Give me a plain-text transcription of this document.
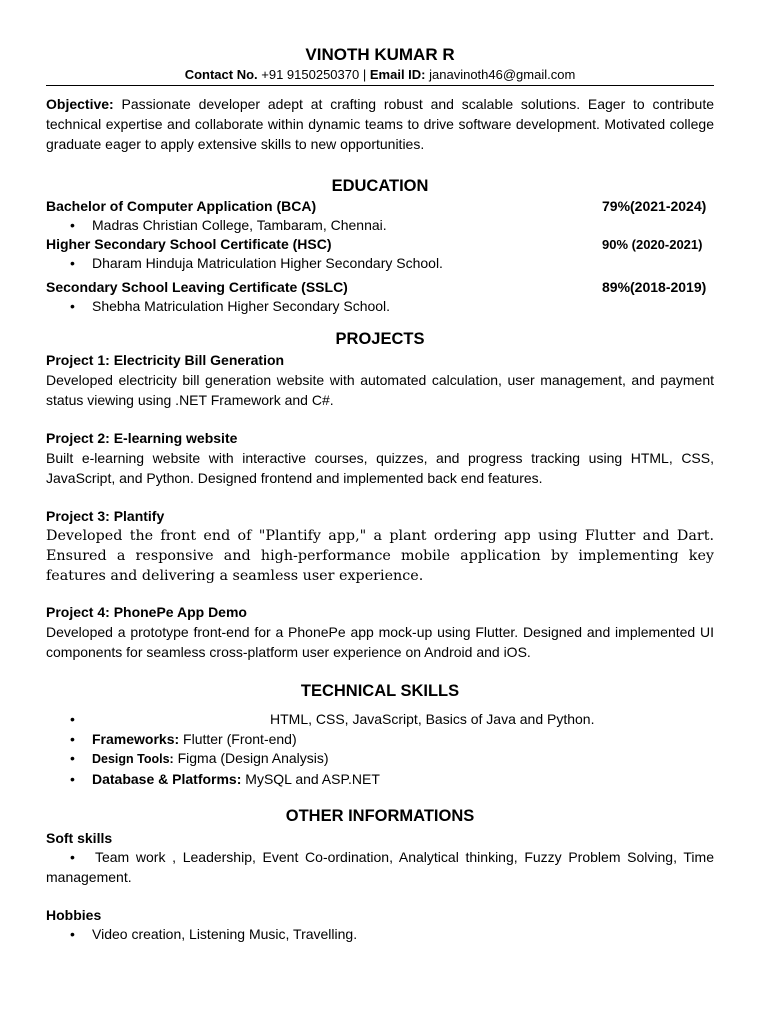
VINOTH KUMAR R
Contact No. +91 9150250370 | Email ID: janavinoth46@gmail.com
Objective: Passionate developer adept at crafting robust and scalable solutions. Eager to contribute technical expertise and collaborate within dynamic teams to drive software development. Motivated college graduate eager to apply extensive skills to new opportunities.
EDUCATION
Bachelor of Computer Application (BCA)	79%(2021-2024)
• Madras Christian College, Tambaram, Chennai.
Higher Secondary School Certificate (HSC)	90% (2020-2021)
• Dharam Hinduja Matriculation Higher Secondary School.
Secondary School Leaving Certificate (SSLC)	89%(2018-2019)
• Shebha Matriculation Higher Secondary School.
PROJECTS
Project 1: Electricity Bill Generation
Developed electricity bill generation website with automated calculation, user management, and payment status viewing using .NET Framework and C#.
Project 2: E-learning website
Built e-learning website with interactive courses, quizzes, and progress tracking using HTML, CSS, JavaScript, and Python. Designed frontend and implemented back end features.
Project 3: Plantify
Developed the front end of "Plantify app," a plant ordering app using Flutter and Dart. Ensured a responsive and high-performance mobile application by implementing key features and delivering a seamless user experience.
Project 4: PhonePe App Demo
Developed a prototype front-end for a PhonePe app mock-up using Flutter. Designed and implemented UI components for seamless cross-platform user experience on Android and iOS.
TECHNICAL SKILLS
•	HTML, CSS, JavaScript, Basics of Java and Python.
• Frameworks: Flutter (Front-end)
• Design Tools: Figma (Design Analysis)
• Database & Platforms: MySQL and ASP.NET
OTHER INFORMATIONS
Soft skills
• Team work , Leadership, Event Co-ordination, Analytical thinking, Fuzzy Problem Solving, Time management.
Hobbies
• Video creation, Listening Music, Travelling.
